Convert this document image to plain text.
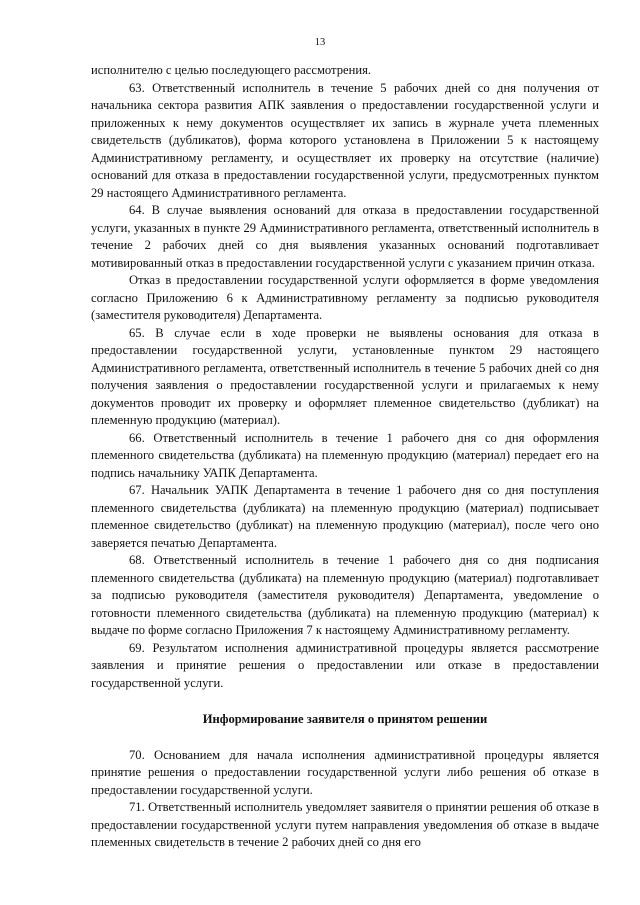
13

исполнителю с целью последующего рассмотрения.

63. Ответственный исполнитель в течение 5 рабочих дней со дня получения от начальника сектора развития АПК заявления о предоставлении государственной услуги и приложенных к нему документов осуществляет их запись в журнале учета племенных свидетельств (дубликатов), форма которого установлена в Приложении 5 к настоящему Административному регламенту, и осуществляет их проверку на отсутствие (наличие) оснований для отказа в предоставлении государственной услуги, предусмотренных пунктом 29 настоящего Административного регламента.

64. В случае выявления оснований для отказа в предоставлении государственной услуги, указанных в пункте 29 Административного регламента, ответственный исполнитель в течение 2 рабочих дней со дня выявления указанных оснований подготавливает мотивированный отказ в предоставлении государственной услуги с указанием причин отказа.

Отказ в предоставлении государственной услуги оформляется в форме уведомления согласно Приложению 6 к Административному регламенту за подписью руководителя (заместителя руководителя) Департамента.

65. В случае если в ходе проверки не выявлены основания для отказа в предоставлении государственной услуги, установленные пунктом 29 настоящего Административного регламента, ответственный исполнитель в течение 5 рабочих дней со дня получения заявления о предоставлении государственной услуги и прилагаемых к нему документов проводит их проверку и оформляет племенное свидетельство (дубликат) на племенную продукцию (материал).

66. Ответственный исполнитель в течение 1 рабочего дня со дня оформления племенного свидетельства (дубликата) на племенную продукцию (материал) передает его на подпись начальнику УАПК Департамента.

67. Начальник УАПК Департамента в течение 1 рабочего дня со дня поступления племенного свидетельства (дубликата) на племенную продукцию (материал) подписывает племенное свидетельство (дубликат) на племенную продукцию (материал), после чего оно заверяется печатью Департамента.

68. Ответственный исполнитель в течение 1 рабочего дня со дня подписания племенного свидетельства (дубликата) на племенную продукцию (материал) подготавливает за подписью руководителя (заместителя руководителя) Департамента, уведомление о готовности племенного свидетельства (дубликата) на племенную продукцию (материал) к выдаче по форме согласно Приложения 7 к настоящему Административному регламенту.

69. Результатом исполнения административной процедуры является рассмотрение заявления и принятие решения о предоставлении или отказе в предоставлении государственной услуги.

Информирование заявителя о принятом решении

70. Основанием для начала исполнения административной процедуры является принятие решения о предоставлении государственной услуги либо решения об отказе в предоставлении государственной услуги.

71. Ответственный исполнитель уведомляет заявителя о принятии решения об отказе в предоставлении государственной услуги путем направления уведомления об отказе в выдаче племенных свидетельств в течение 2 рабочих дней со дня его
